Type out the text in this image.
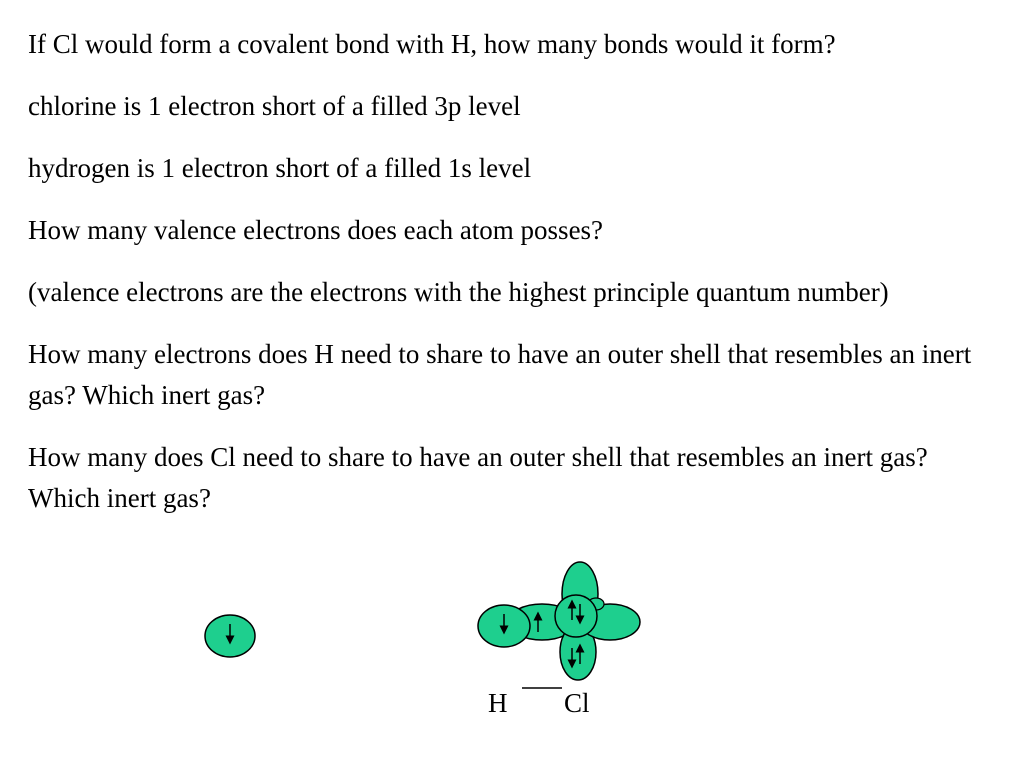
If Cl would form a covalent bond with H, how many bonds would it form?

chlorine is 1 electron short of a filled 3p level

hydrogen is 1 electron short of a filled 1s level

How many valence electrons does each atom posses?

(valence electrons are the electrons with the highest principle quantum number)

How many electrons does H need to share to have an outer shell that resembles an inert gas? Which inert gas?

How many does Cl need to share to have an outer shell that resembles an inert gas? Which inert gas?

H Cl
